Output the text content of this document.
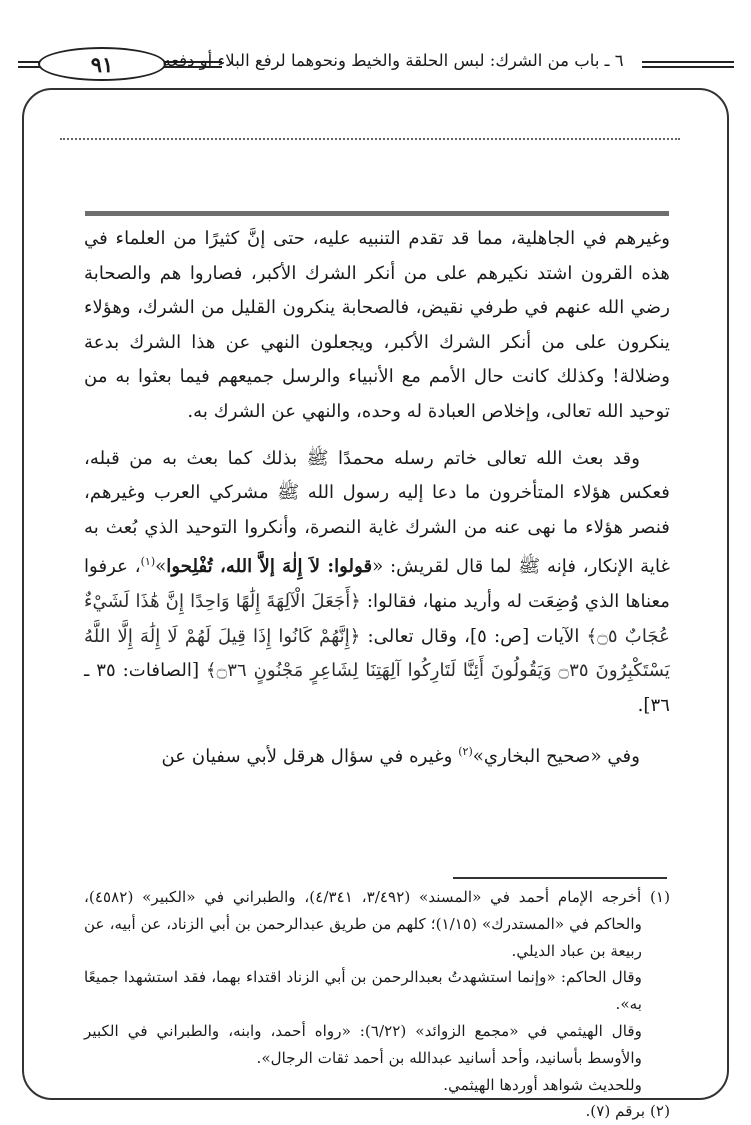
٩١	٦ ـ باب من الشرك: لبس الحلقة والخيط ونحوهما لرفع البلاء أو دفعه

وغيرهم في الجاهلية، مما قد تقدم التنبيه عليه، حتى إنَّ كثيرًا من العلماء في هذه القرون اشتد نكيرهم على من أنكر الشرك الأكبر، فصاروا هم والصحابة رضي الله عنهم في طرفي نقيض، فالصحابة ينكرون القليل من الشرك، وهؤلاء ينكرون على من أنكر الشرك الأكبر، ويجعلون النهي عن هذا الشرك بدعة وضلالة! وكذلك كانت حال الأمم مع الأنبياء والرسل جميعهم فيما بعثوا به من توحيد الله تعالى، وإخلاص العبادة له وحده، والنهي عن الشرك به.

وقد بعث الله تعالى خاتم رسله محمدًا ﷺ بذلك كما بعث به من قبله، فعكس هؤلاء المتأخرون ما دعا إليه رسول الله ﷺ مشركي العرب وغيرهم، فنصر هؤلاء ما نهى عنه من الشرك غاية النصرة، وأنكروا التوحيد الذي بُعث به غاية الإنكار، فإنه ﷺ لما قال لقريش: «قولوا: لاَ إِلٰهَ إلاَّ الله، تُفْلِحوا»$^{(١)}$، عرفوا معناها الذي وُضِعَت له وأريد منها، فقالوا: ﴿أَجَعَلَ الْآلِهَةَ إِلَٰهًا وَاحِدًا إِنَّ هَٰذَا لَشَيْءٌ عُجَابٌ ۝٥﴾ الآيات [ص: ٥]، وقال تعالى: ﴿إِنَّهُمْ كَانُوا إِذَا قِيلَ لَهُمْ لَا إِلَٰهَ إِلَّا اللَّهُ يَسْتَكْبِرُونَ ۝٣٥ وَيَقُولُونَ أَئِنَّا لَتَارِكُوا آلِهَتِنَا لِشَاعِرٍ مَجْنُونٍ ۝٣٦﴾ [الصافات: ٣٥ ـ ٣٦].

وفي «صحيح البخاري»$^{(٢)}$ وغيره في سؤال هرقل لأبي سفيان عن

(١) أخرجه الإمام أحمد في «المسند» (٣/٤٩٢، ٤/٣٤١)، والطبراني في «الكبير» (٤٥٨٢)، والحاكم في «المستدرك» (١/١٥)؛ كلهم من طريق عبدالرحمن بن أبي الزناد، عن أبيه، عن ربيعة بن عباد الديلي.
وقال الحاكم: «وإنما استشهدتُ بعبدالرحمن بن أبي الزناد اقتداء بهما، فقد استشهدا جميعًا به».
وقال الهيثمي في «مجمع الزوائد» (٦/٢٢): «رواه أحمد، وابنه، والطبراني في الكبير والأوسط بأسانيد، وأحد أسانيد عبدالله بن أحمد ثقات الرجال».
وللحديث شواهد أوردها الهيثمي.
(٢) برقم (٧).
